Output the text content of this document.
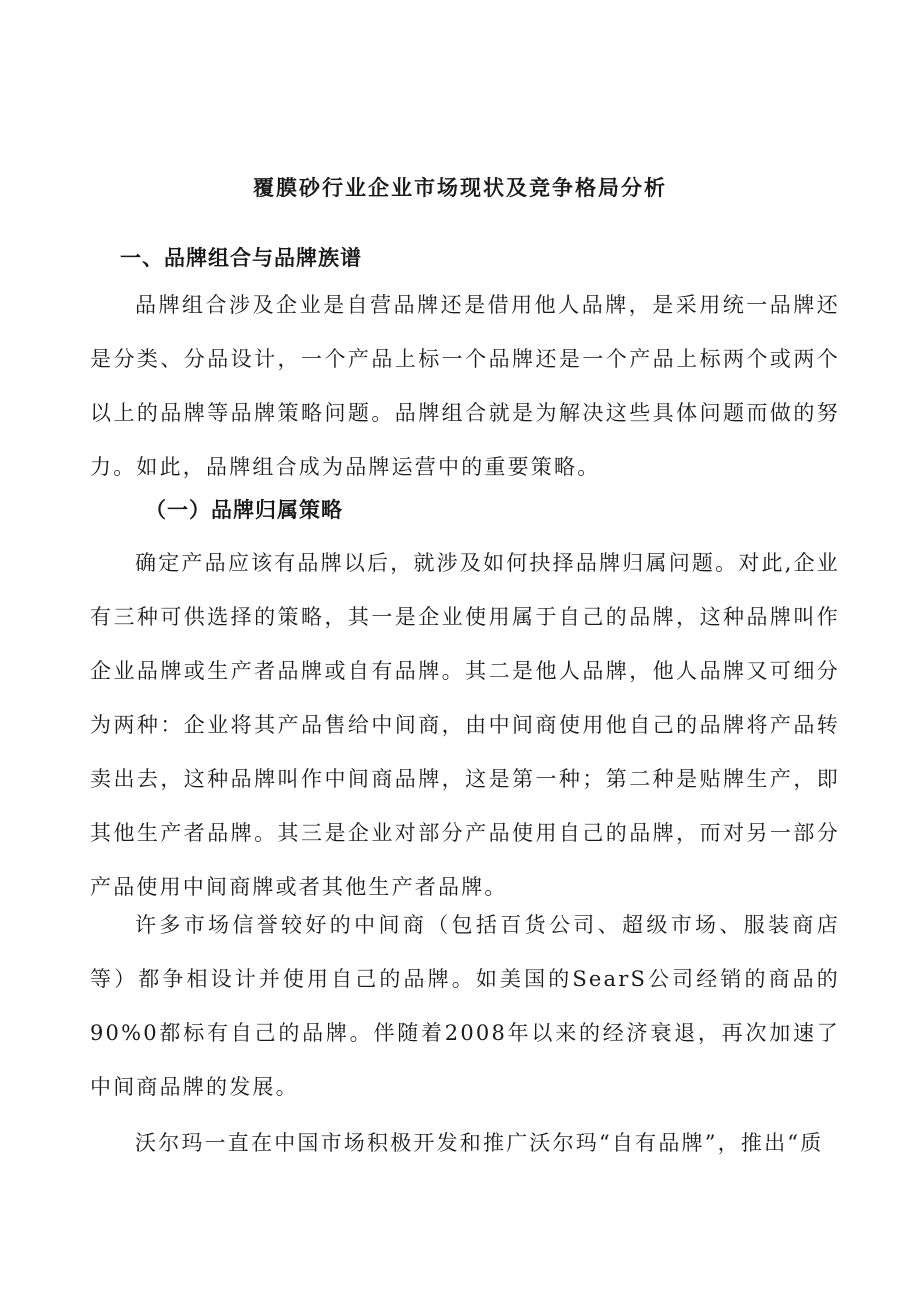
覆膜砂行业企业市场现状及竞争格局分析
一、品牌组合与品牌族谱

品牌组合涉及企业是自营品牌还是借用他人品牌，是采用统一品牌还是分类、分品设计，一个产品上标一个品牌还是一个产品上标两个或两个以上的品牌等品牌策略问题。品牌组合就是为解决这些具体问题而做的努力。如此，品牌组合成为品牌运营中的重要策略。

（一）品牌归属策略

确定产品应该有品牌以后，就涉及如何抉择品牌归属问题。对此,企业有三种可供选择的策略，其一是企业使用属于自己的品牌，这种品牌叫作企业品牌或生产者品牌或自有品牌。其二是他人品牌，他人品牌又可细分为两种：企业将其产品售给中间商，由中间商使用他自己的品牌将产品转卖出去，这种品牌叫作中间商品牌，这是第一种；第二种是贴牌生产，即其他生产者品牌。其三是企业对部分产品使用自己的品牌，而对另一部分产品使用中间商牌或者其他生产者品牌。

许多市场信誉较好的中间商（包括百货公司、超级市场、服装商店等）都争相设计并使用自己的品牌。如美国的SearS公司经销的商品的90%0都标有自己的品牌。伴随着2008年以来的经济衰退，再次加速了中间商品牌的发展。

沃尔玛一直在中国市场积极开发和推广沃尔玛“自有品牌”，推出“质
